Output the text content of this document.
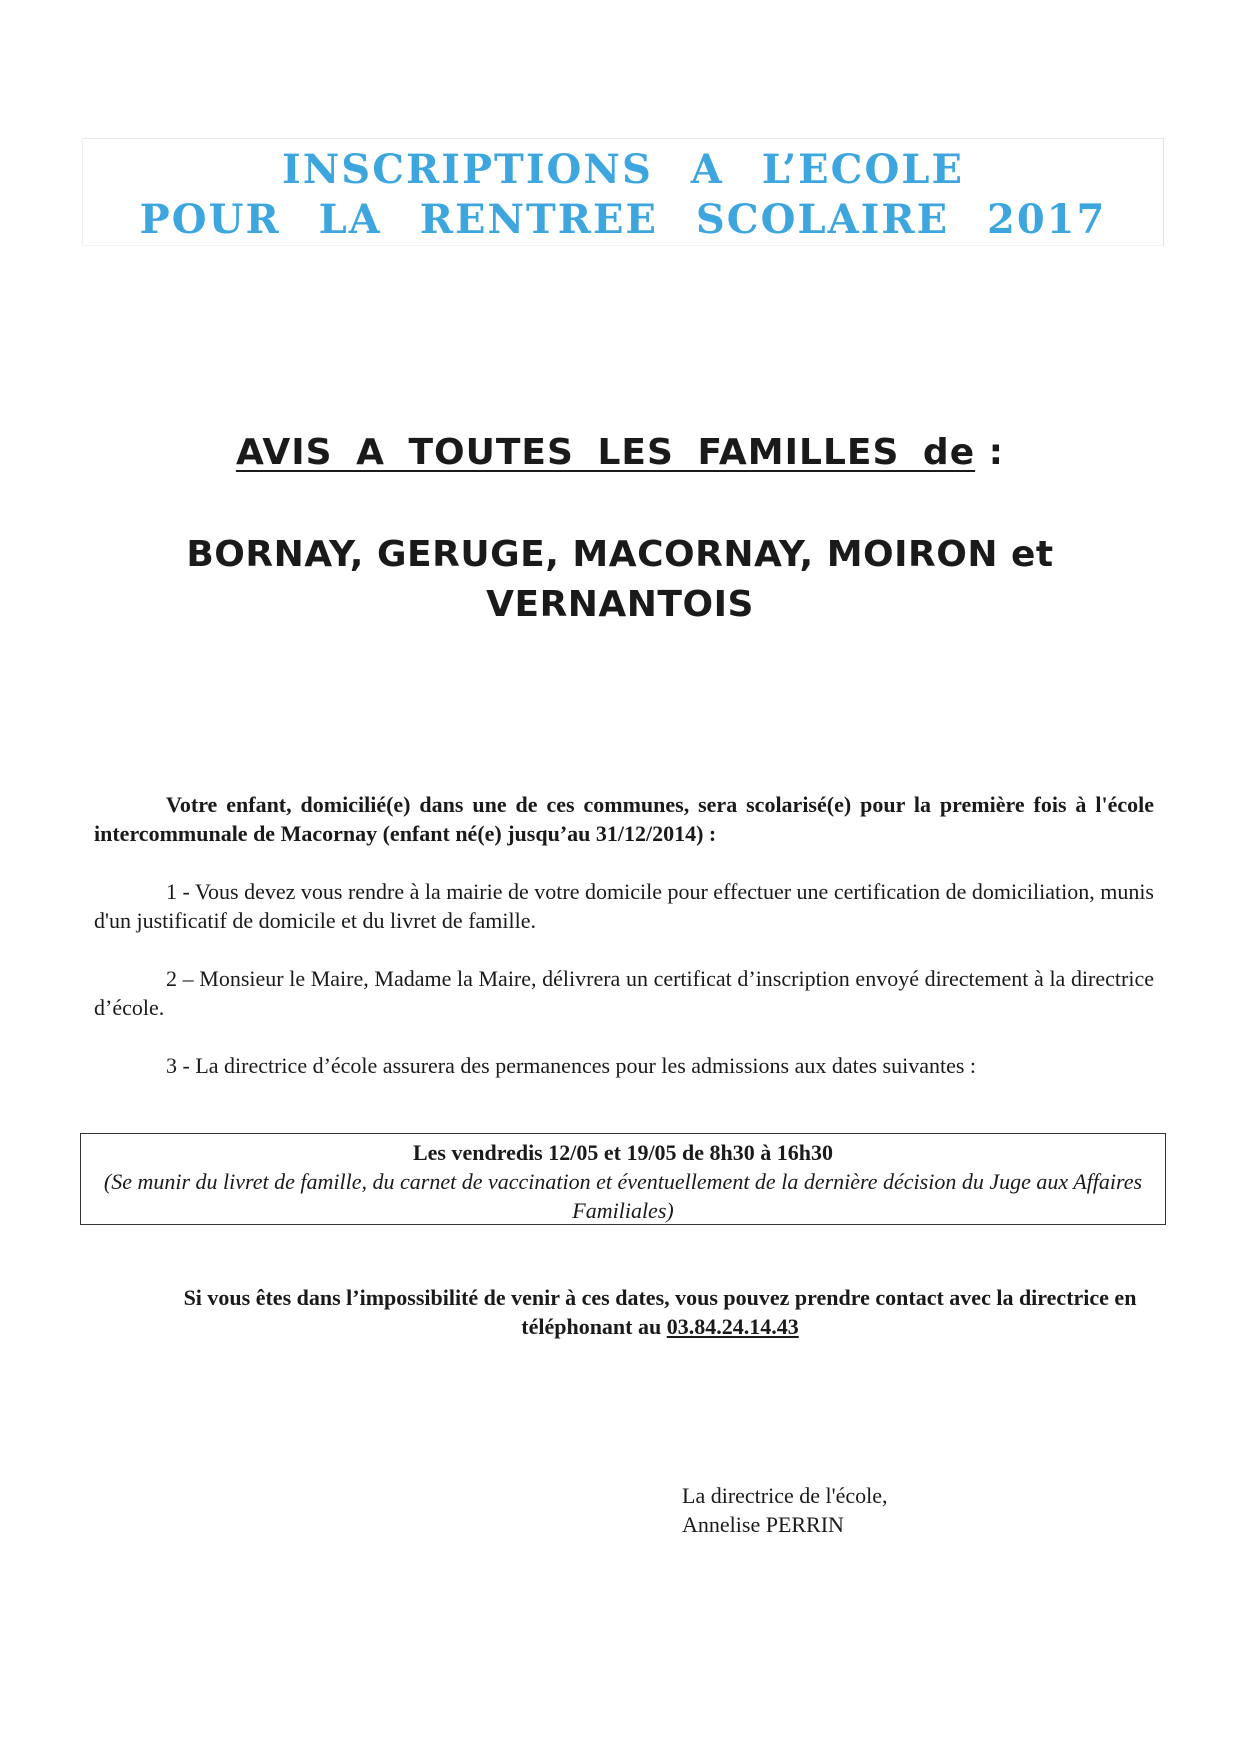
INSCRIPTIONS A L’ECOLE
POUR LA RENTREE SCOLAIRE 2017
AVIS A TOUTES LES FAMILLES de :
BORNAY, GERUGE, MACORNAY, MOIRON et VERNANTOIS
Votre enfant, domicilié(e) dans une de ces communes, sera scolarisé(e) pour la première fois à l'école intercommunale de Macornay (enfant né(e) jusqu’au 31/12/2014) :
1 - Vous devez vous rendre à la mairie de votre domicile pour effectuer une certification de domiciliation, munis d'un justificatif de domicile et du livret de famille.
2 – Monsieur le Maire, Madame la Maire, délivrera un certificat d’inscription envoyé directement à la directrice d’école.
3 - La directrice d’école assurera des permanences pour les admissions aux dates suivantes :
Les vendredis 12/05 et 19/05 de 8h30 à 16h30
(Se munir du livret de famille, du carnet de vaccination et éventuellement de la dernière décision du Juge aux Affaires Familiales)
Si vous êtes dans l’impossibilité de venir à ces dates, vous pouvez prendre contact avec la directrice en téléphonant au 03.84.24.14.43
La directrice de l'école,
Annelise PERRIN
